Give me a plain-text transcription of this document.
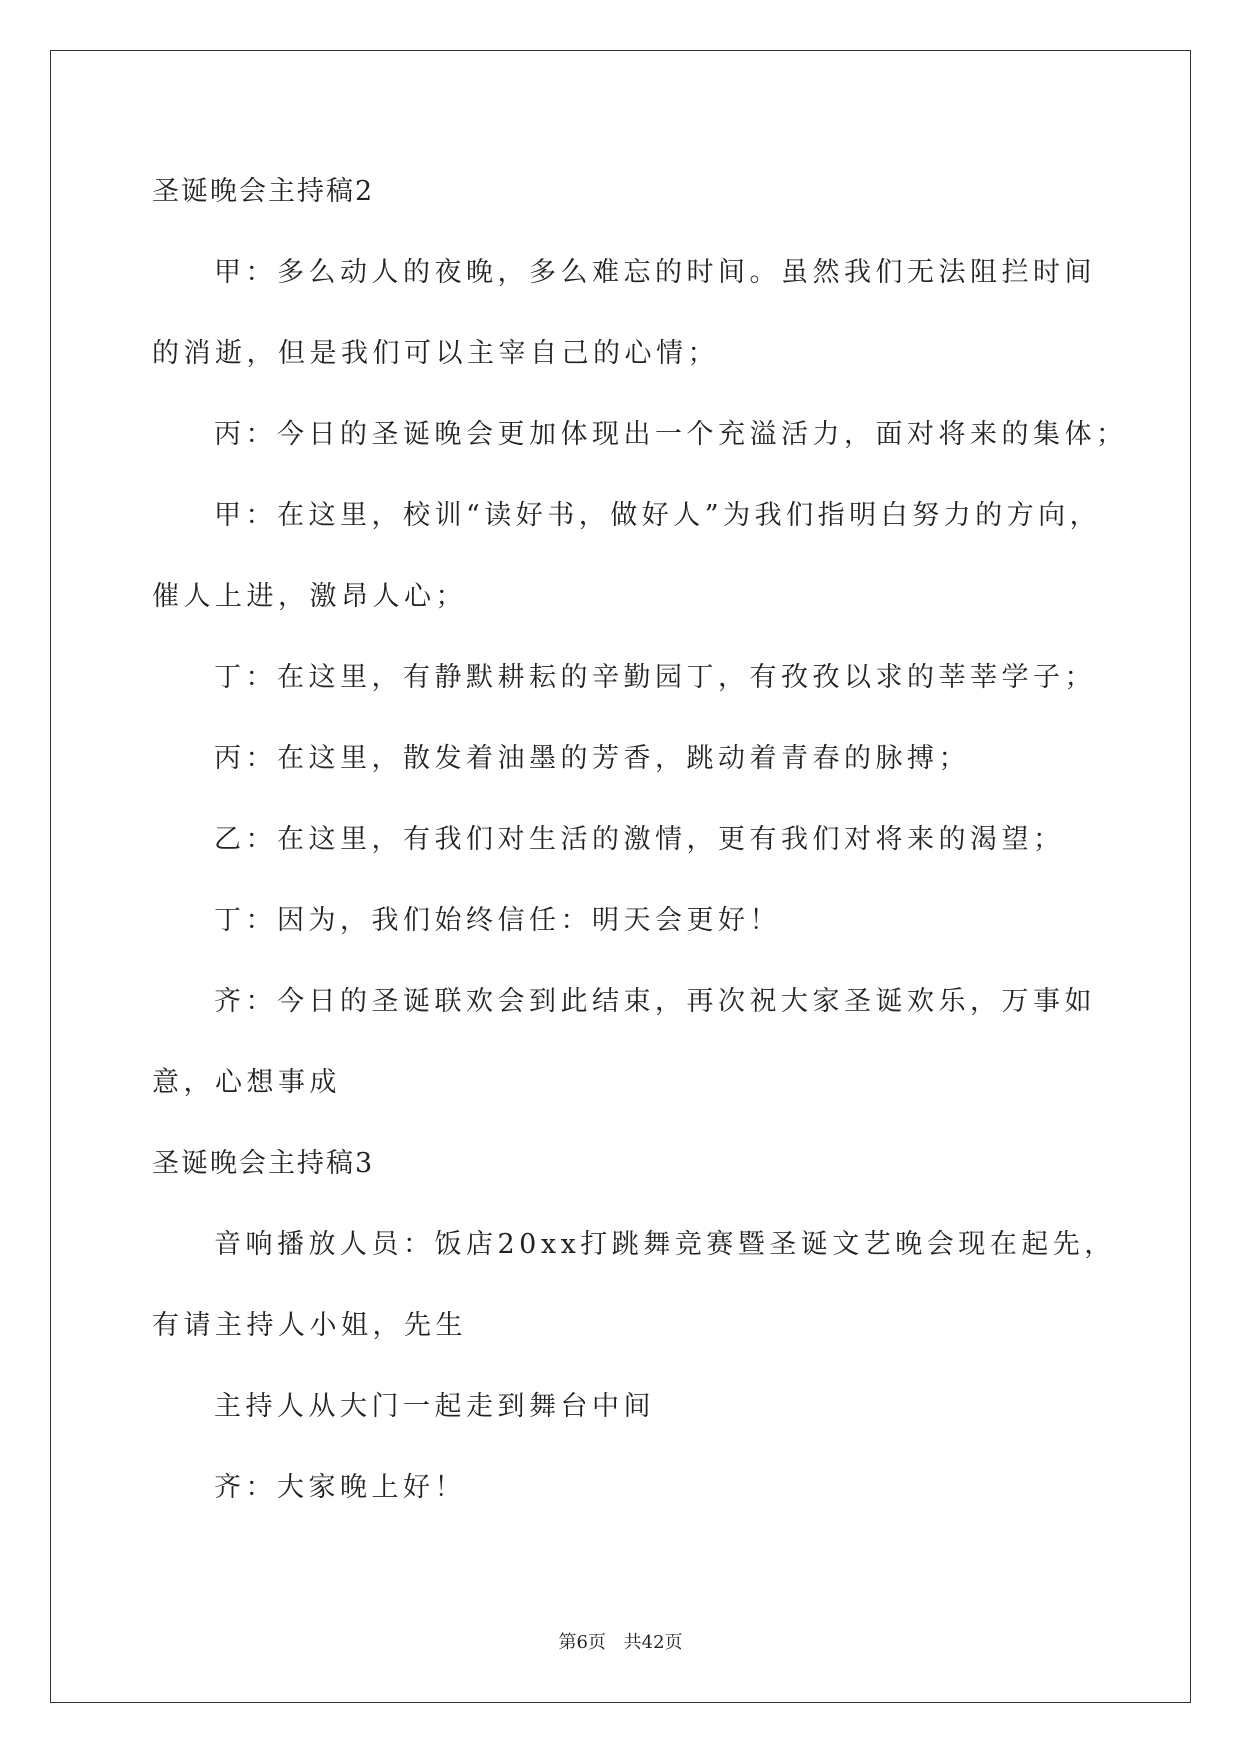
圣诞晚会主持稿2

甲：多么动人的夜晚，多么难忘的时间。虽然我们无法阻拦时间

的消逝，但是我们可以主宰自己的心情；

丙：今日的圣诞晚会更加体现出一个充溢活力，面对将来的集体；

甲：在这里，校训“读好书，做好人”为我们指明白努力的方向，

催人上进，激昂人心；

丁：在这里，有静默耕耘的辛勤园丁，有孜孜以求的莘莘学子；

丙：在这里，散发着油墨的芳香，跳动着青春的脉搏；

乙：在这里，有我们对生活的激情，更有我们对将来的渴望；

丁：因为，我们始终信任：明天会更好！

齐：今日的圣诞联欢会到此结束，再次祝大家圣诞欢乐，万事如

意，心想事成

圣诞晚会主持稿3

音响播放人员：饭店20xx打跳舞竞赛暨圣诞文艺晚会现在起先，

有请主持人小姐，先生

主持人从大门一起走到舞台中间

齐：大家晚上好！

第6页 共42页
